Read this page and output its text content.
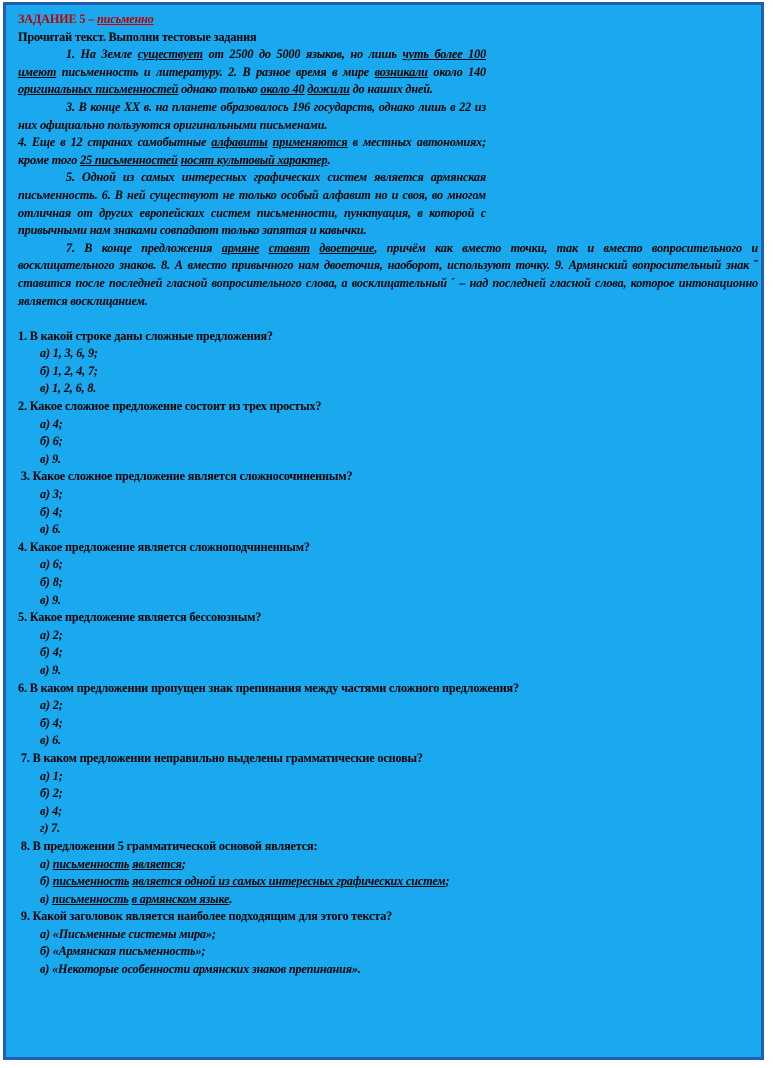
ЗАДАНИЕ 5 – письменно
Прочитай текст. Выполни тестовые задания
1. На Земле существует от 2500 до 5000 языков, но лишь чуть более 100 имеют письменность и литературу. 2. В разное время в мире возникали около 140 оригинальных письменностей однако только около 40 дожили до наших дней.
3. В конце XX в. на планете образовалось 196 государств, однако лишь в 22 из них официально пользуются оригинальными письменами.
4. Еще в 12 странах самобытные алфавиты применяются в местных автономиях; кроме того 25 письменностей носят культовый характер.
5. Одной из самых интересных графических систем является армянская письменность. 6. В ней существуют не только особый алфавит но и своя, во многом отличная от других европейских систем письменности, пунктуация, в которой с привычными нам знаками совпадают только запятая и кавычки.
7. В конце предложения армяне ставят двоеточие, причём как вместо точки, так и вместо вопросительного и восклицательного знаков. 8. А вместо привычного нам двоеточия, наоборот, используют точку. 9. Армянский вопросительный знак ˝ ставится после последней гласной вопросительного слова, а восклицательный ´ – над последней гласной слова, которое интонационно является восклицанием.

1. В какой строке даны сложные предложения?

а) 1, 3, 6, 9;

б) 1, 2, 4, 7;

в) 1, 2, 6, 8.

2. Какое сложное предложение состоит из трех простых?

а) 4;

б) 6;

в) 9.

3. Какое сложное предложение является сложносочиненным?

а) 3;

б) 4;

в) 6.

4. Какое предложение является сложноподчиненным?

а) 6;

б) 8;

в) 9.

5. Какое предложение является бессоюзным?

а) 2;

б) 4;

в) 9.

6. В каком предложении пропущен знак препинания между частями сложного предложения?

а) 2;

б) 4;

в) 6.

7. В каком предложении неправильно выделены грамматические основы?

а) 1;

б) 2;

в) 4;

г) 7.

8. В предложении 5 грамматической основой является:

а) письменность является;

б) письменность является одной из самых интересных графических систем;

в) письменность в армянском языке.

9. Какой заголовок является наиболее подходящим для этого текста?

а) «Письменные системы мира»;

б) «Армянская письменность»;

в) «Некоторые особенности армянских знаков препинания».
